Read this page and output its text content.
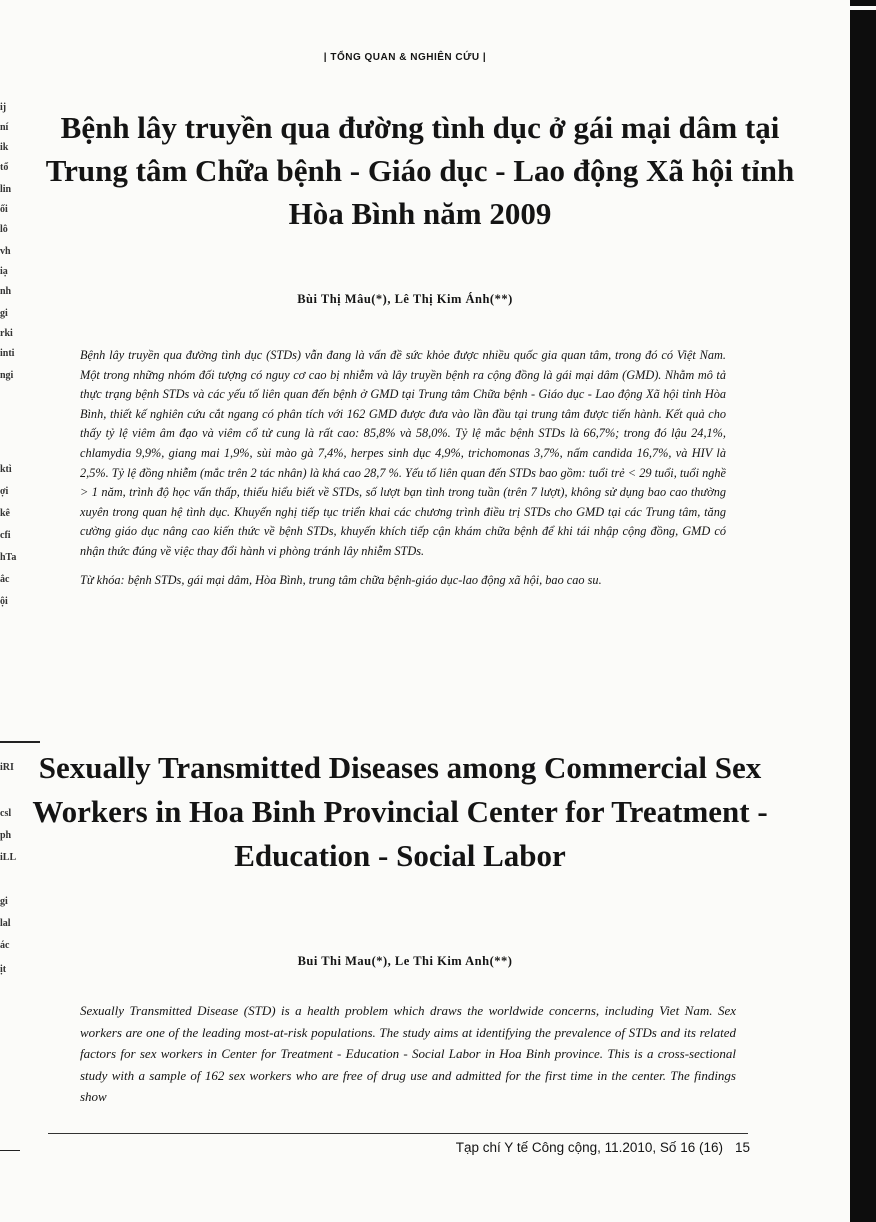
ij
ní
ik
tổ
lin
ối
lô
vh
iạ
nh
gi
rki
inti
ngi
ktì
ợi
kê
cfi
hTa
ắc
ội
iRI
csl
ph
iLL
gi
lal
ác
ịt
| TỔNG QUAN & NGHIÊN CỨU |
Bệnh lây truyền qua đường tình dục ở gái mại dâm tại Trung tâm Chữa bệnh - Giáo dục - Lao động Xã hội tỉnh Hòa Bình năm 2009
Bùi Thị Mâu(*), Lê Thị Kim Ánh(**)

Bệnh lây truyền qua đường tình dục (STDs) vẫn đang là vấn đề sức khỏe được nhiều quốc gia quan tâm, trong đó có Việt Nam. Một trong những nhóm đối tượng có nguy cơ cao bị nhiễm và lây truyền bệnh ra cộng đồng là gái mại dâm (GMD). Nhằm mô tả thực trạng bệnh STDs và các yếu tố liên quan đến bệnh ở GMD tại Trung tâm Chữa bệnh - Giáo dục - Lao động Xã hội tỉnh Hòa Bình, thiết kế nghiên cứu cắt ngang có phân tích với 162 GMD được đưa vào lần đầu tại trung tâm được tiến hành. Kết quả cho thấy tỷ lệ viêm âm đạo và viêm cổ tử cung là rất cao: 85,8% và 58,0%. Tỷ lệ mắc bệnh STDs là 66,7%; trong đó lậu 24,1%, chlamydia 9,9%, giang mai 1,9%, sùi mào gà 7,4%, herpes sinh dục 4,9%, trichomonas 3,7%, nấm candida 16,7%, và HIV là 2,5%. Tỷ lệ đồng nhiễm (mắc trên 2 tác nhân) là khá cao 28,7 %. Yếu tố liên quan đến STDs bao gồm: tuổi trẻ < 29 tuổi, tuổi nghề > 1 năm, trình độ học vấn thấp, thiếu hiểu biết về STDs, số lượt bạn tình trong tuần (trên 7 lượt), không sử dụng bao cao thường xuyên trong quan hệ tình dục. Khuyến nghị tiếp tục triển khai các chương trình điều trị STDs cho GMD tại các Trung tâm, tăng cường giáo dục nâng cao kiến thức về bệnh STDs, khuyến khích tiếp cận khám chữa bệnh để khi tái nhập cộng đồng, GMD có nhận thức đúng về việc thay đổi hành vi phòng tránh lây nhiễm STDs.

Từ khóa: bệnh STDs, gái mại dâm, Hòa Bình, trung tâm chữa bệnh-giáo dục-lao động xã hội, bao cao su.

Sexually Transmitted Diseases among Commercial Sex Workers in Hoa Binh Provincial Center for Treatment - Education - Social Labor
Bui Thi Mau(*), Le Thi Kim Anh(**)

Sexually Transmitted Disease (STD) is a health problem which draws the worldwide concerns, including Viet Nam. Sex workers are one of the leading most-at-risk populations. The study aims at identifying the prevalence of STDs and its related factors for sex workers in Center for Treatment - Education - Social Labor in Hoa Binh province. This is a cross-sectional study with a sample of 162 sex workers who are free of drug use and admitted for the first time in the center. The findings show

Tạp chí Y tế Công cộng, 11.2010, Số 16 (16) 15
